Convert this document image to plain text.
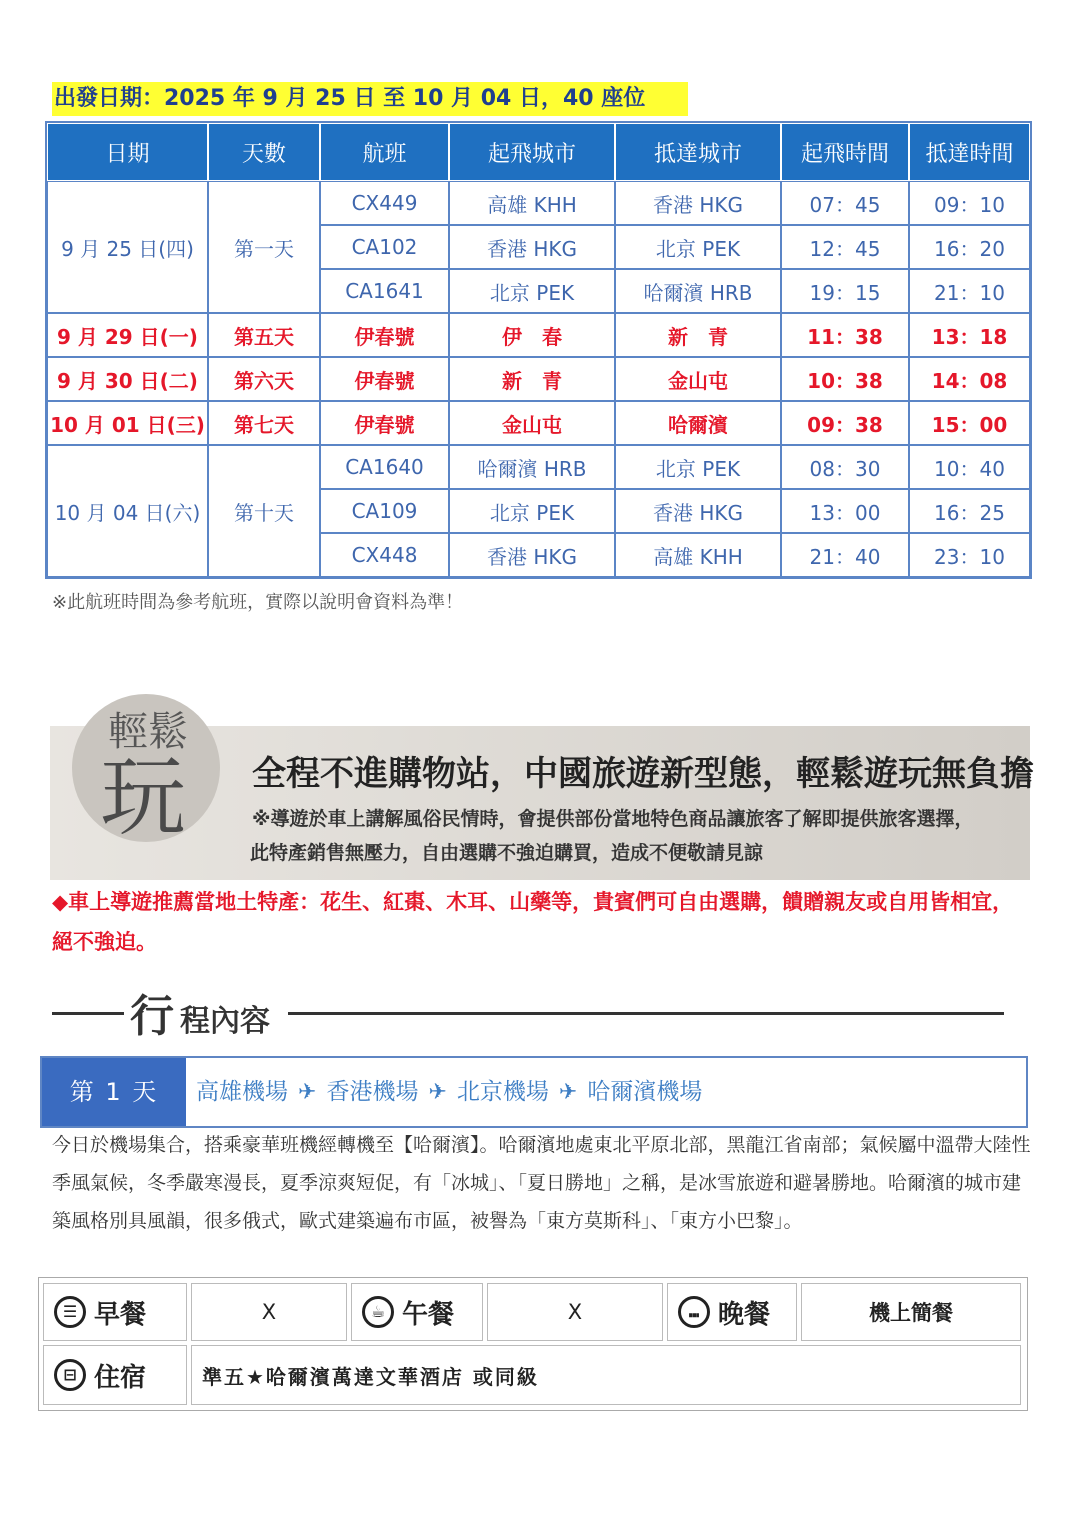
出發日期：2025 年 9 月 25 日 至 10 月 04 日，40 座位
日期	天數	航班	起飛城市	抵達城市	起飛時間	抵達時間
9 月 25 日(四)	第一天	CX449	高雄 KHH	香港 HKG	07：45	09：10
		CA102	香港 HKG	北京 PEK	12：45	16：20
		CA1641	北京 PEK	哈爾濱 HRB	19：15	21：10
9 月 29 日(一)	第五天	伊春號	伊　春	新　青	11：38	13：18
9 月 30 日(二)	第六天	伊春號	新　青	金山屯	10：38	14：08
10 月 01 日(三)	第七天	伊春號	金山屯	哈爾濱	09：38	15：00
10 月 04 日(六)	第十天	CA1640	哈爾濱 HRB	北京 PEK	08：30	10：40
		CA109	北京 PEK	香港 HKG	13：00	16：25
		CX448	香港 HKG	高雄 KHH	21：40	23：10
※此航班時間為參考航班，實際以說明會資料為準！
輕鬆
玩 全程不進購物站，中國旅遊新型態，輕鬆遊玩無負擔
※導遊於車上講解風俗民情時，會提供部份當地特色商品讓旅客了解即提供旅客選擇，
此特產銷售無壓力，自由選購不強迫購買，造成不便敬請見諒
◆車上導遊推薦當地土特產：花生、紅棗、木耳、山藥等，貴賓們可自由選購，饋贈親友或自用皆相宜，絕不強迫。
行 程內容
第 1 天	高雄機場 ✈ 香港機場 ✈ 北京機場 ✈ 哈爾濱機場
今日於機場集合，搭乘豪華班機經轉機至【哈爾濱】。哈爾濱地處東北平原北部，黑龍江省南部；氣候屬中溫帶大陸性季風氣候，冬季嚴寒漫長，夏季涼爽短促，有「冰城」、「夏日勝地」之稱，是冰雪旅遊和避暑勝地。哈爾濱的城市建築風格別具風韻，很多俄式，歐式建築遍布市區，被譽為「東方莫斯科」、「東方小巴黎」。
☰ 早餐	X	☕ 午餐	X	⑉ 晚餐	機上簡餐
⊟ 住宿	準五★哈爾濱萬達文華酒店 或同級
